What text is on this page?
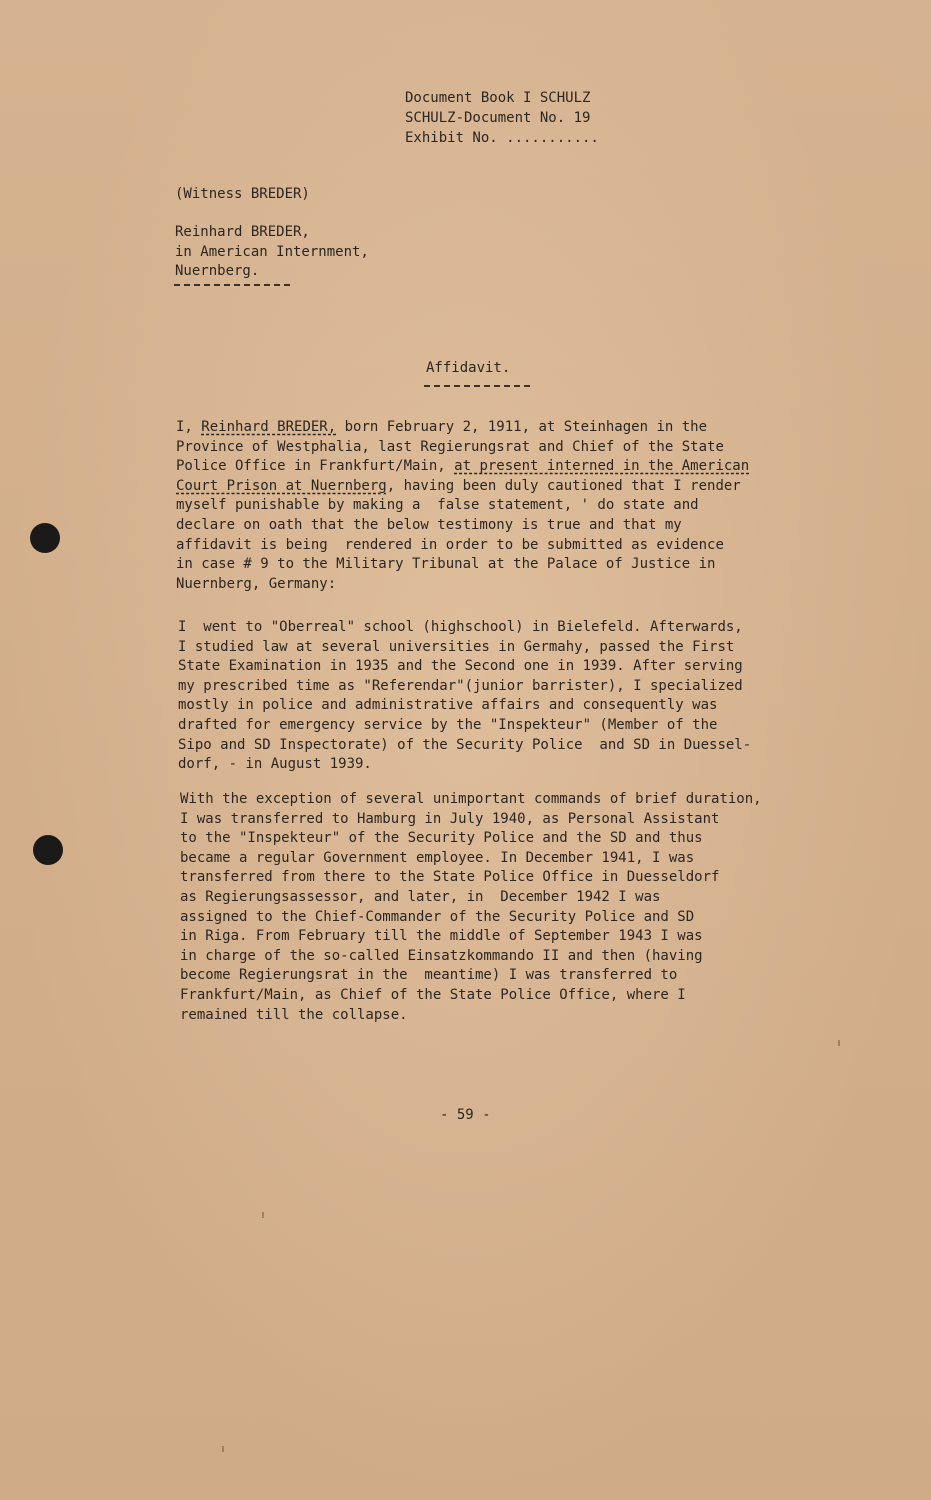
Document Book I SCHULZ
SCHULZ-Document No. 19
Exhibit No. ...........
(Witness BREDER)
Reinhard BREDER,
in American Internment,
Nuernberg.
Affidavit.
I, Reinhard BREDER, born February 2, 1911, at Steinhagen in the
Province of Westphalia, last Regierungsrat and Chief of the State
Police Office in Frankfurt/Main, at present interned in the American
Court Prison at Nuernberg, having been duly cautioned that I render
myself punishable by making a  false statement, ' do state and
declare on oath that the below testimony is true and that my
affidavit is being  rendered in order to be submitted as evidence
in case # 9 to the Military Tribunal at the Palace of Justice in
Nuernberg, Germany:
I  went to "Oberreal" school (highschool) in Bielefeld. Afterwards,
I studied law at several universities in Germahy, passed the First
State Examination in 1935 and the Second one in 1939. After serving
my prescribed time as "Referendar"(junior barrister), I specialized
mostly in police and administrative affairs and consequently was
drafted for emergency service by the "Inspekteur" (Member of the
Sipo and SD Inspectorate) of the Security Police  and SD in Duessel-
dorf, - in August 1939.
With the exception of several unimportant commands of brief duration,
I was transferred to Hamburg in July 1940, as Personal Assistant
to the "Inspekteur" of the Security Police and the SD and thus
became a regular Government employee. In December 1941, I was
transferred from there to the State Police Office in Duesseldorf
as Regierungsassessor, and later, in  December 1942 I was
assigned to the Chief-Commander of the Security Police and SD
in Riga. From February till the middle of September 1943 I was
in charge of the so-called Einsatzkommando II and then (having
become Regierungsrat in the  meantime) I was transferred to
Frankfurt/Main, as Chief of the State Police Office, where I
remained till the collapse.
- 59 -
